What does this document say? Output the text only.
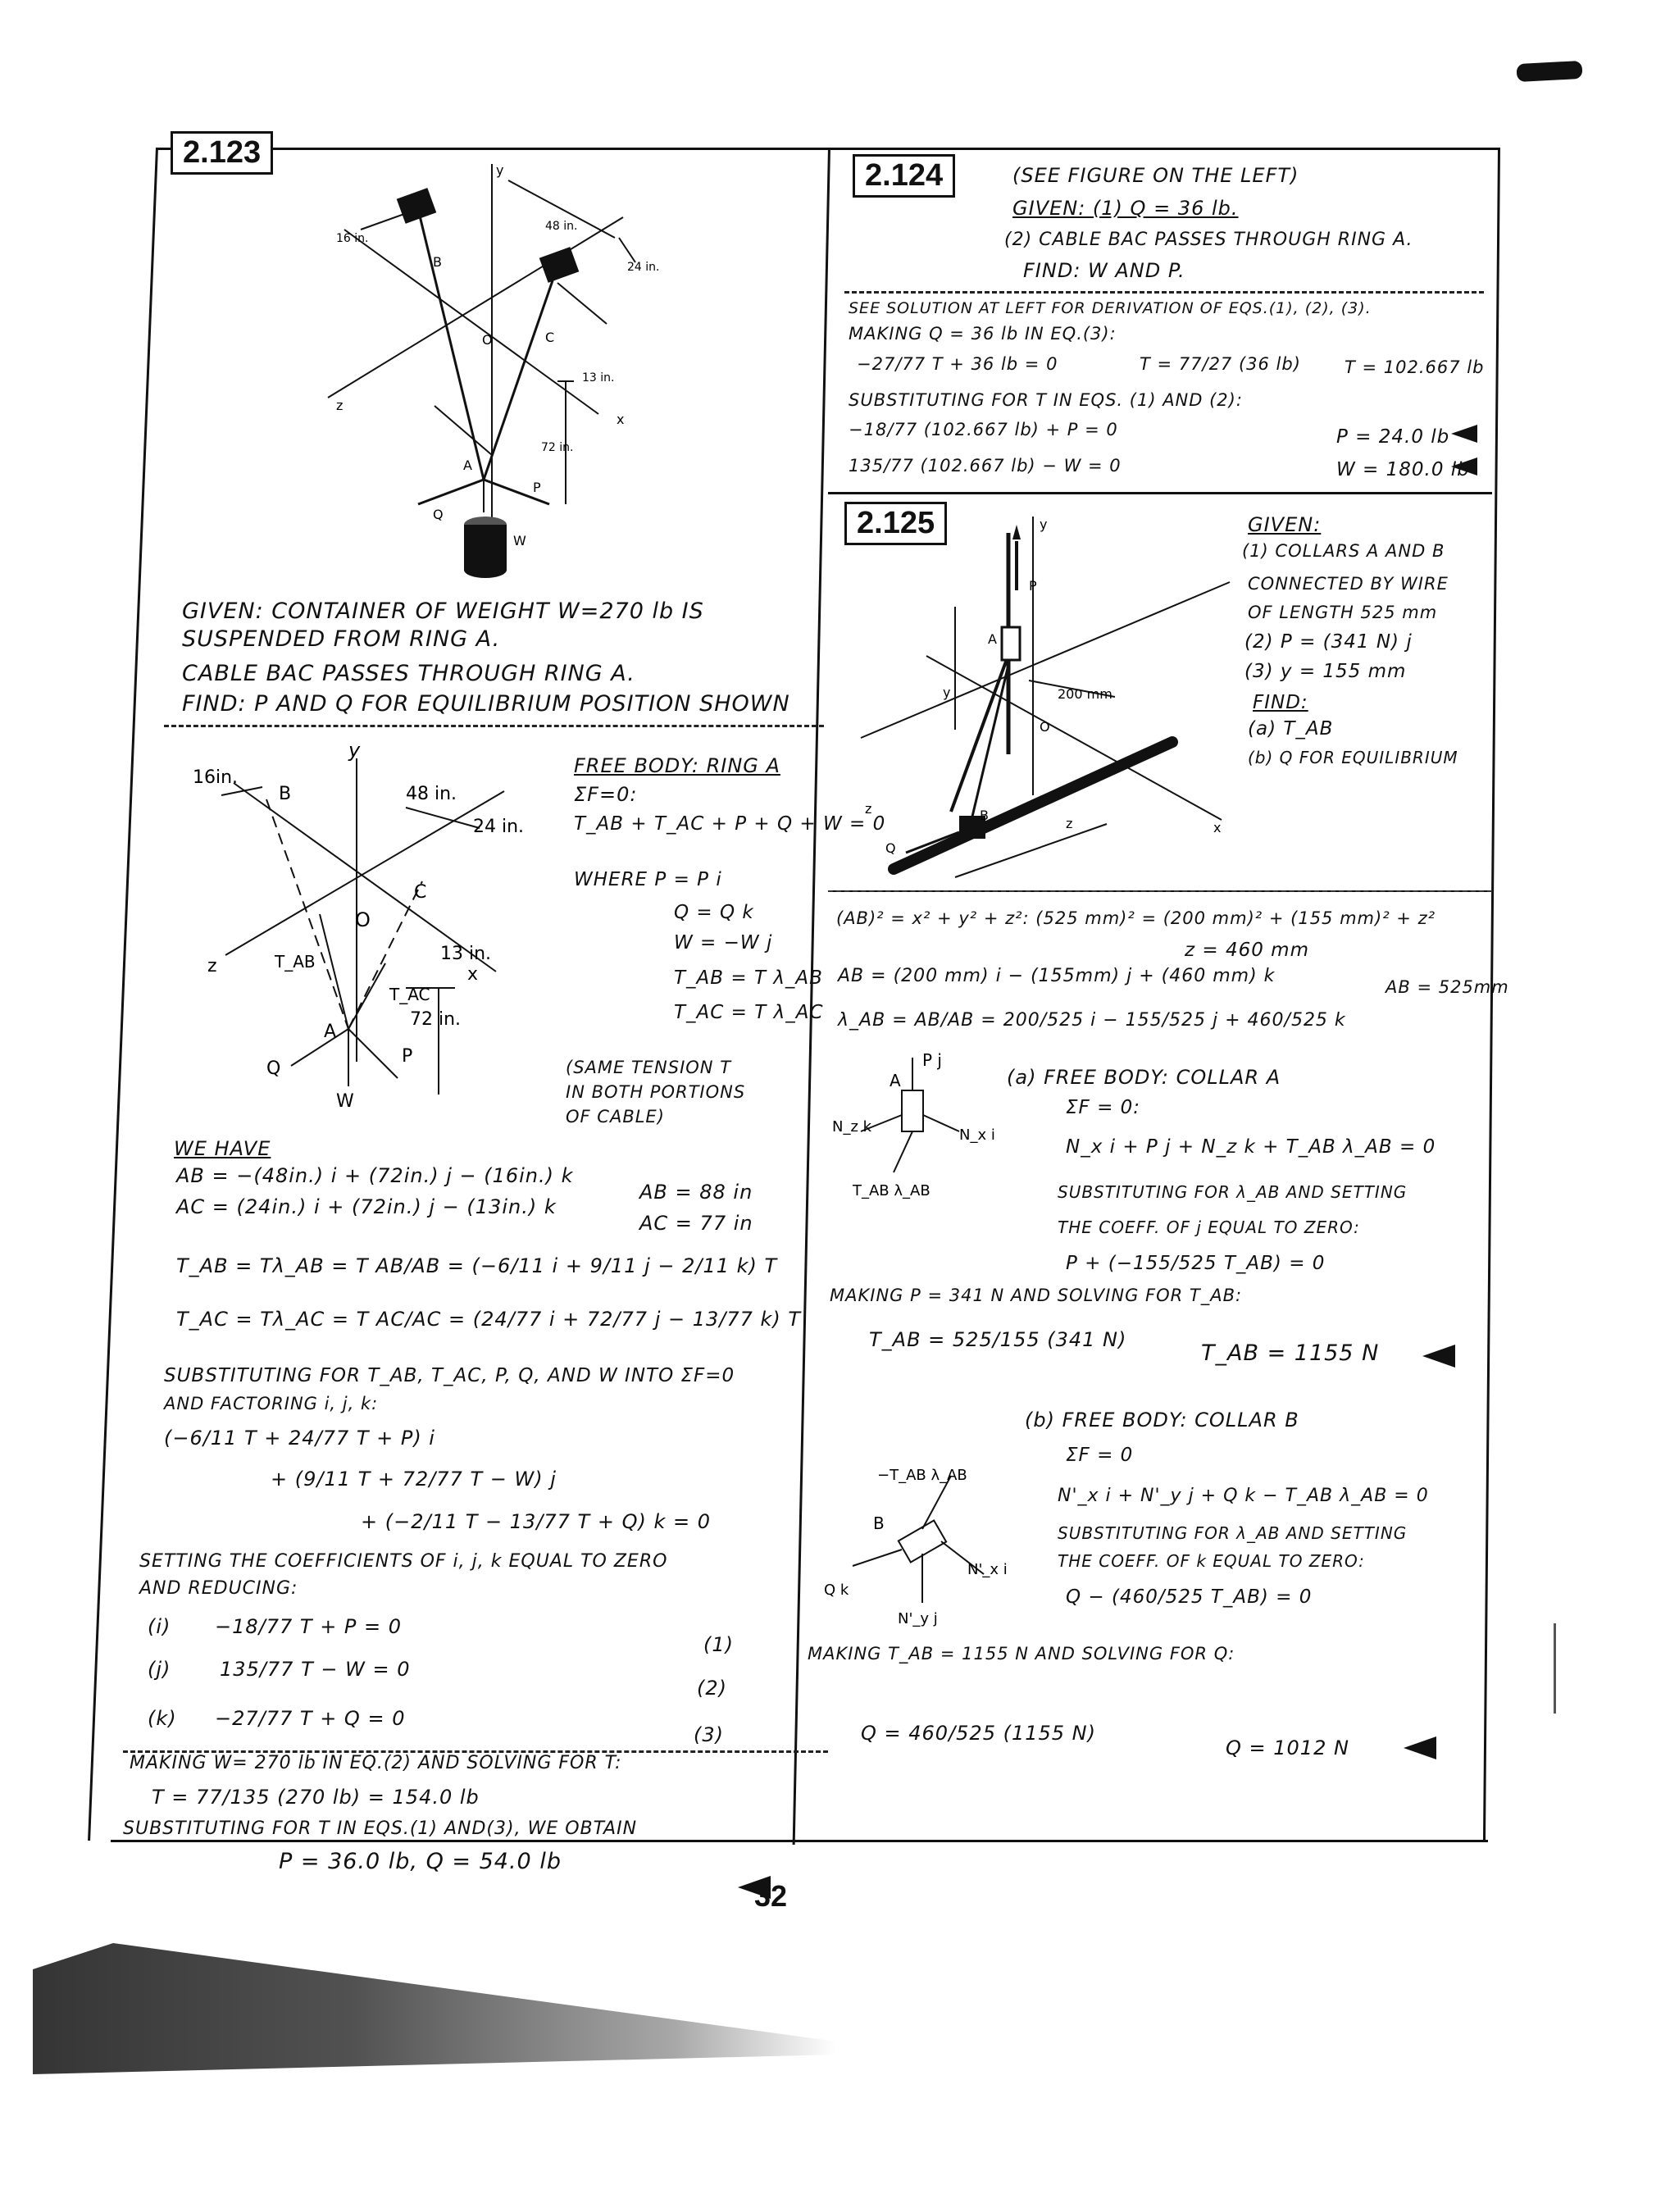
32
2.123
y
16 in.
48 in.
24 in.
B
C
O
13 in.
z
x
72 in.
A
P
Q
W
GIVEN: CONTAINER OF WEIGHT W=270 lb IS
SUSPENDED FROM RING A.
CABLE BAC PASSES THROUGH RING A.
FIND: P AND Q FOR EQUILIBRIUM POSITION SHOWN
y
16in.
B	48 in.
24 in.
C
O
13 in.
z	x
T_AB
T_AC
72 in.
A
P
Q
W
FREE BODY: RING A
ΣF=0:
T_AB + T_AC + P + Q + W = 0
WHERE P = P i
Q = Q k
W = −W j
T_AB = T λ_AB
T_AC = T λ_AC
(SAME TENSION T
IN BOTH PORTIONS
OF CABLE)
WE HAVE
AB = −(48in.) i + (72in.) j − (16in.) k
AC = (24in.) i + (72in.) j − (13in.) k
AB = 88 in
AC = 77 in
T_AB = Tλ_AB = T AB/AB = (−6/11 i + 9/11 j − 2/11 k) T
T_AC = Tλ_AC = T AC/AC = (24/77 i + 72/77 j − 13/77 k) T
SUBSTITUTING FOR T_AB, T_AC, P, Q, AND W INTO ΣF=0
AND FACTORING i, j, k:
(−6/11 T + 24/77 T + P) i
+ (9/11 T + 72/77 T − W) j
+ (−2/11 T − 13/77 T + Q) k = 0
SETTING THE COEFFICIENTS OF i, j, k EQUAL TO ZERO
AND REDUCING:
(i) −18/77 T + P = 0
(1)
(j) 135/77 T − W = 0
(2)
(k) −27/77 T + Q = 0
(3)
MAKING W= 270 lb IN EQ.(2) AND SOLVING FOR T:
T = 77/135 (270 lb) = 154.0 lb
SUBSTITUTING FOR T IN EQS.(1) AND(3), WE OBTAIN
P = 36.0 lb, Q = 54.0 lb
2.124	(SEE FIGURE ON THE LEFT)
GIVEN: (1) Q = 36 lb.
(2) CABLE BAC PASSES THROUGH RING A.
FIND: W AND P.
SEE SOLUTION AT LEFT FOR DERIVATION OF EQS.(1), (2), (3).
MAKING Q = 36 lb IN EQ.(3):
−27/77 T + 36 lb = 0	T = 77/27 (36 lb)	T = 102.667 lb
SUBSTITUTING FOR T IN EQS. (1) AND (2):
−18/77 (102.667 lb) + P = 0	P = 24.0 lb
135/77 (102.667 lb) − W = 0	W = 180.0 lb
2.125	y
P
A
y	200 mm
O
z	B
z	x
Q
GIVEN:
(1) COLLARS A AND B
CONNECTED BY WIRE
OF LENGTH 525 mm
(2) P = (341 N) j
(3) y = 155 mm
FIND:
(a) T_AB
(b) Q FOR EQUILIBRIUM
(AB)² = x² + y² + z²: (525 mm)² = (200 mm)² + (155 mm)² + z²
z = 460 mm
AB = (200 mm) i − (155mm) j + (460 mm) k
AB = 525mm
λ_AB = AB/AB = 200/525 i − 155/525 j + 460/525 k
P j
A
N_z k	N_x i
T_AB λ_AB
(a) FREE BODY: COLLAR A
ΣF = 0:
N_x i + P j + N_z k + T_AB λ_AB = 0
SUBSTITUTING FOR λ_AB AND SETTING
THE COEFF. OF j EQUAL TO ZERO:
P + (−155/525 T_AB) = 0
MAKING P = 341 N AND SOLVING FOR T_AB:
T_AB = 525/155 (341 N)
T_AB = 1155 N
−T_AB λ_AB
B
Q k
N'_x i
N'_y j
(b) FREE BODY: COLLAR B
ΣF = 0
N'_x i + N'_y j + Q k − T_AB λ_AB = 0
SUBSTITUTING FOR λ_AB AND SETTING
THE COEFF. OF k EQUAL TO ZERO:
Q − (460/525 T_AB) = 0
MAKING T_AB = 1155 N AND SOLVING FOR Q:
Q = 460/525 (1155 N)
Q = 1012 N
